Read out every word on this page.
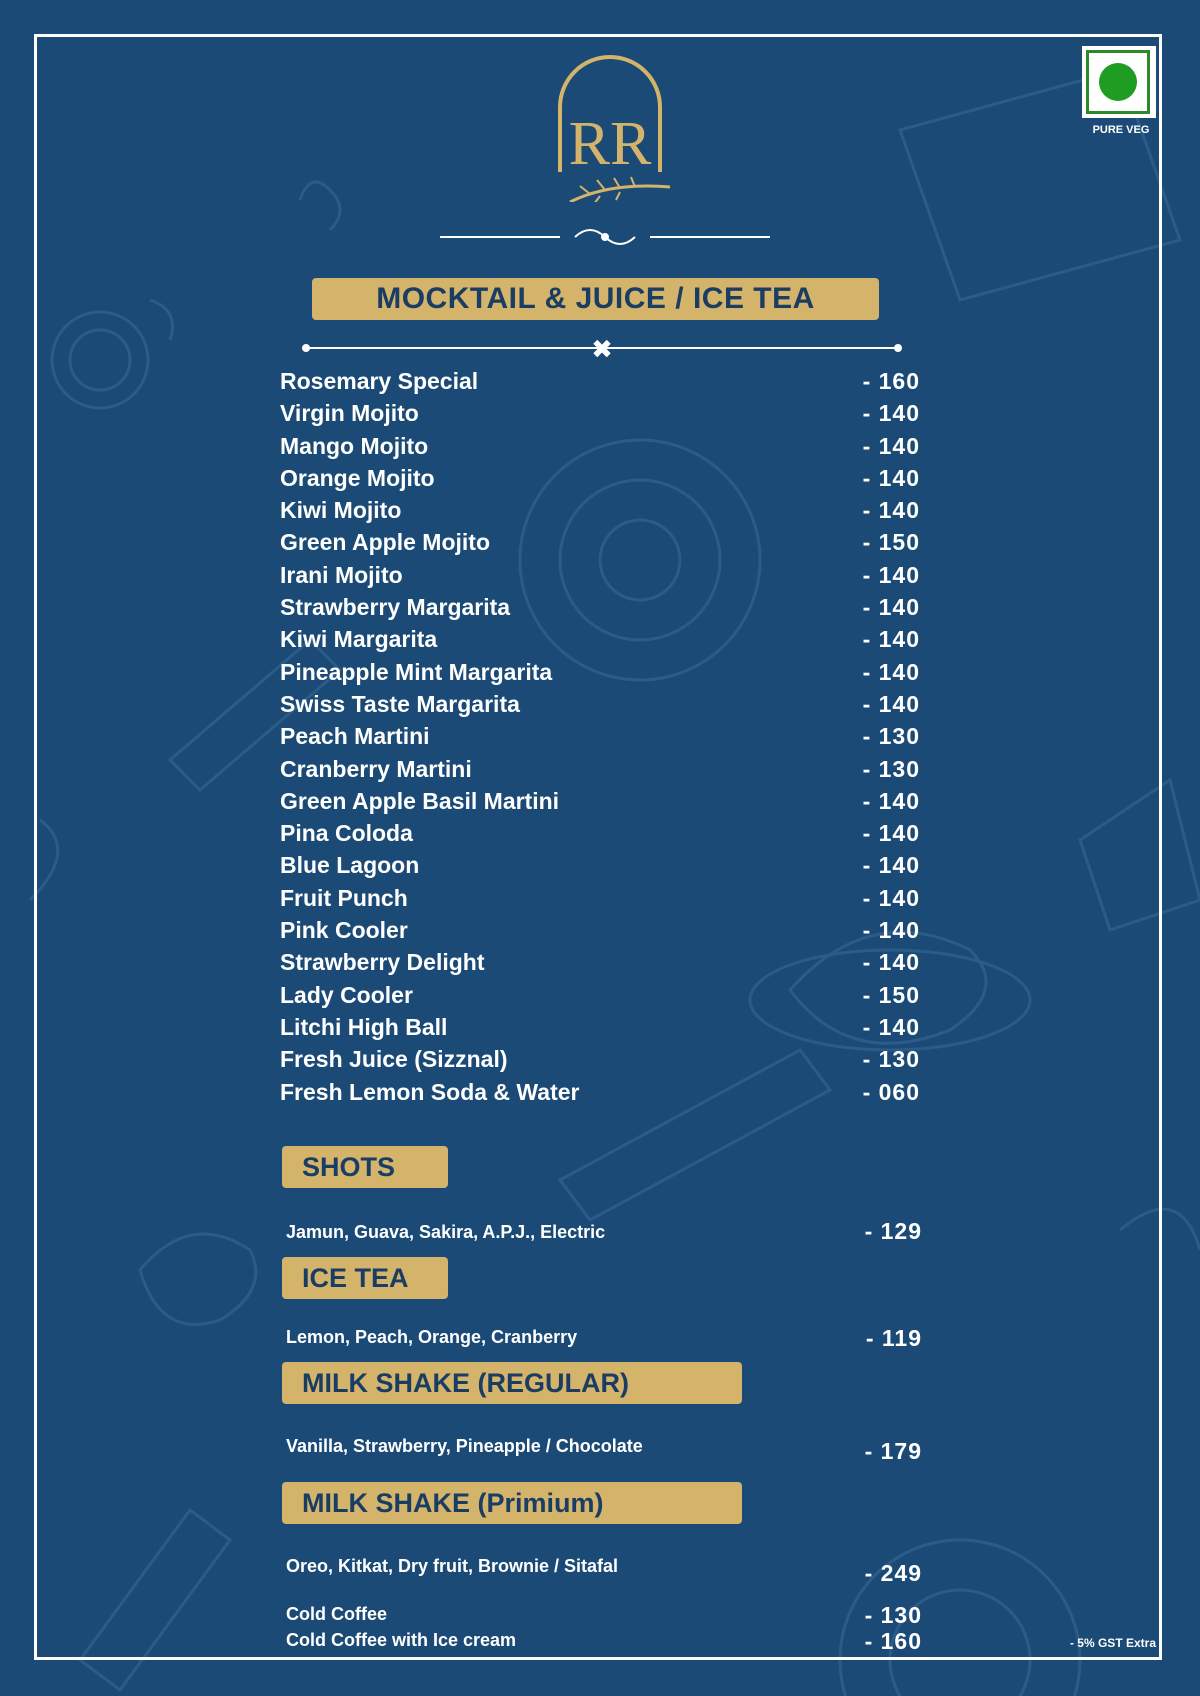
RR	PURE VEG
MOCKTAIL & JUICE / ICE TEA
✖
Rosemary Special	- 160
Virgin Mojito	- 140
Mango Mojito	- 140
Orange Mojito	- 140
Kiwi Mojito	- 140
Green Apple Mojito	- 150
Irani Mojito	- 140
Strawberry Margarita	- 140
Kiwi Margarita	- 140
Pineapple Mint Margarita	- 140
Swiss Taste Margarita	- 140
Peach Martini	- 130
Cranberry Martini	- 130
Green Apple Basil Martini	- 140
Pina Coloda	- 140
Blue Lagoon	- 140
Fruit Punch	- 140
Pink Cooler	- 140
Strawberry Delight	- 140
Lady Cooler	- 150
Litchi High Ball	- 140
Fresh Juice (Sizznal)	- 130
Fresh Lemon Soda & Water	- 060
SHOTS
Jamun, Guava, Sakira, A.P.J., Electric	- 129
ICE TEA
Lemon, Peach, Orange, Cranberry	- 119
MILK SHAKE (REGULAR)
Vanilla, Strawberry, Pineapple / Chocolate	- 179
MILK SHAKE (Primium)
Oreo, Kitkat, Dry fruit, Brownie / Sitafal	- 249
Cold Coffee	- 130
Cold Coffee with Ice cream	- 160	- 5% GST Extra
